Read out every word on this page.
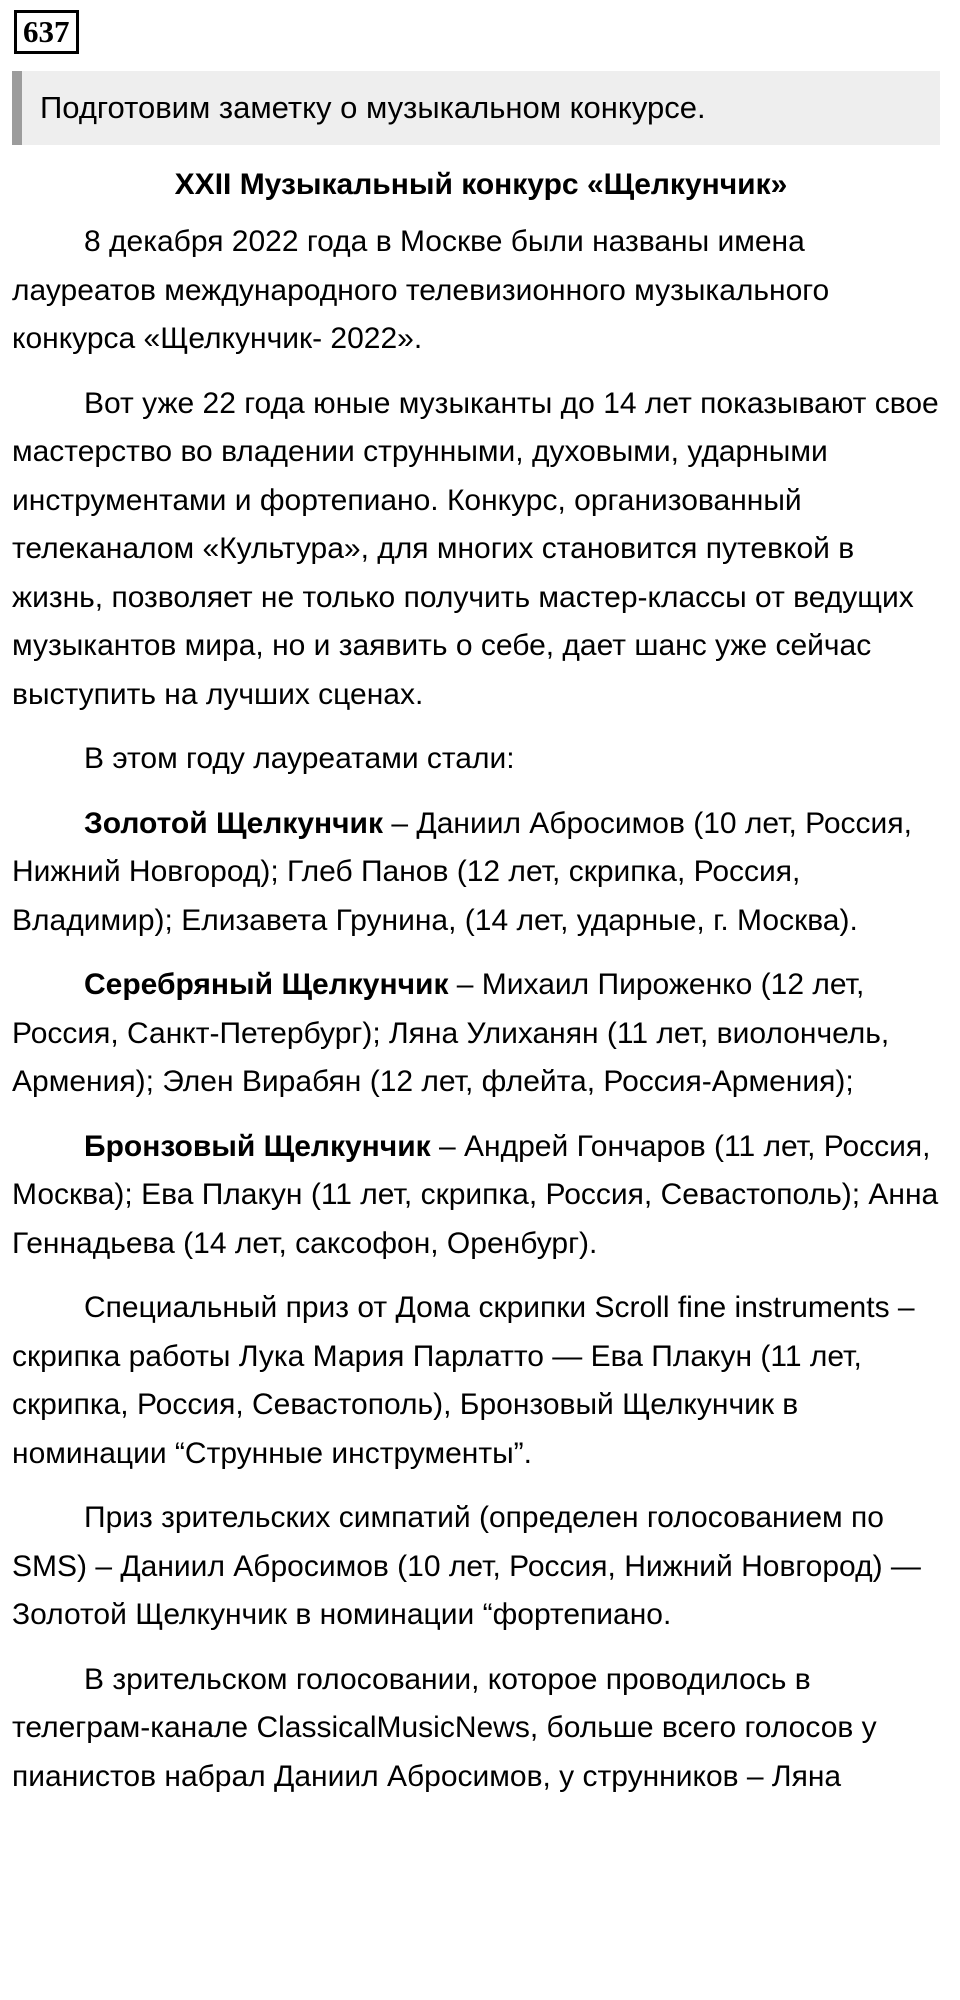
637
Подготовим заметку о музыкальном конкурсе.
XXII Музыкальный конкурс «Щелкунчик»

8 декабря 2022 года в Москве были названы имена лауреатов международного телевизионного музыкального конкурса «Щелкунчик- 2022».

Вот уже 22 года юные музыканты до 14 лет показывают свое мастерство во владении струнными, духовыми, ударными инструментами и фортепиано. Конкурс, организованный телеканалом «Культура», для многих становится путевкой в жизнь, позволяет не только получить мастер-классы от ведущих музыкантов мира, но и заявить о себе, дает шанс уже сейчас выступить на лучших сценах.

В этом году лауреатами стали:

Золотой Щелкунчик – Даниил Абросимов (10 лет, Россия, Нижний Новгород); Глеб Панов (12 лет, скрипка, Россия, Владимир); Елизавета Грунина, (14 лет, ударные, г. Москва).

Серебряный Щелкунчик – Михаил Пироженко (12 лет, Россия, Санкт-Петербург); Ляна Улиханян (11 лет, виолончель, Армения); Элен Вирабян (12 лет, флейта, Россия-Армения);

Бронзовый Щелкунчик – Андрей Гончаров (11 лет, Россия, Москва); Ева Плакун (11 лет, скрипка, Россия, Севастополь); Анна Геннадьева (14 лет, саксофон, Оренбург).

Специальный приз от Дома скрипки Scroll fine instruments – скрипка работы Лука Мария Парлатто — Ева Плакун (11 лет, скрипка, Россия, Севастополь), Бронзовый Щелкунчик в номинации “Струнные инструменты”.

Приз зрительских симпатий (определен голосованием по SMS) – Даниил Абросимов (10 лет, Россия, Нижний Новгород) — Золотой Щелкунчик в номинации “фортепиано.

В зрительском голосовании, которое проводилось в телеграм-канале ClassicalMusicNews, больше всего голосов у пианистов набрал Даниил Абросимов, у струнников – Ляна
